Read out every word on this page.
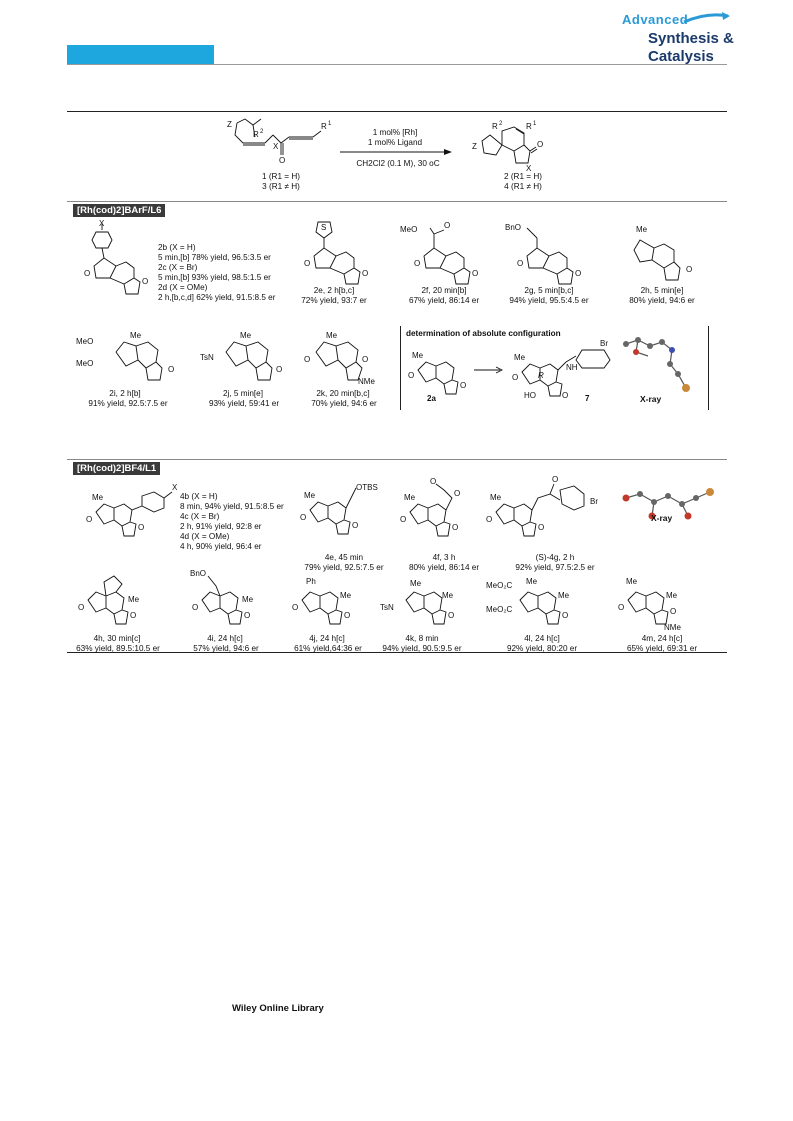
Advanced
Synthesis &
Catalysis
Z
R 2
X
O
R 1
1 (R1 = H)
3 (R1 ≠ H)
1 mol% [Rh]
1 mol% Ligand
CH2Cl2 (0.1 M), 30 oC
Z
R 2	R 1
X
O
2 (R1 = H)
4 (R1 ≠ H)
[Rh(cod)2]BArF/L6
X
O
O
2b (X = H)
5 min,[b] 78% yield, 96.5:3.5 er
2c (X = Br)
5 min,[b] 93% yield, 98.5:1.5 er
2d (X = OMe)
2 h,[b,c,d] 62% yield, 91.5:8.5 er
S
O
O
2e, 2 h[b,c]
72% yield, 93:7 er
MeO	O
O
O
2f, 20 min[b]
67% yield, 86:14 er
BnO
O
O
2g, 5 min[b,c]
94% yield, 95.5:4.5 er
Me
O
2h, 5 min[e]
80% yield, 94:6 er
MeO
MeO
Me
O
2i, 2 h[b]
91% yield, 92.5:7.5 er
TsN
Me
O
2j, 5 min[e]
93% yield, 59:41 er
O
Me
O
NMe
2k, 20 min[b,c]
70% yield, 94:6 er
determination of absolute configuration
Me
O
O
Me
O R
HO	O
NH
Br
2a	7	X-ray
[Rh(cod)2]BF4/L1
Me
O
O
X
4b (X = H)
8 min, 94% yield, 91.5:8.5 er
4c (X = Br)
2 h, 91% yield, 92:8 er
4d (X = OMe)
4 h, 90% yield, 96:4 er
Me
O
O
OTBS
4e, 45 min
79% yield, 92.5:7.5 er
Me
O
O
O
O
4f, 3 h
80% yield, 86:14 er
Me
O
O
O
Br
(S)-4g, 2 h
92% yield, 97.5:2.5 er
X-ray
O
Me
O
4h, 30 min[c]
63% yield, 89.5:10.5 er
BnO
O
Me
O
4i, 24 h[c]
57% yield, 94:6 er
Ph
O
Me
O
4j, 24 h[c]
61% yield,64:36 er
TsN
Me
Me
O
4k, 8 min
94% yield, 90.5:9.5 er
MeO₂C
MeO₂C
Me
Me
O
4l, 24 h[c]
92% yield, 80:20 er
Me
O
Me
O
NMe
4m, 24 h[c]
65% yield, 69:31 er
Wiley Online Library
